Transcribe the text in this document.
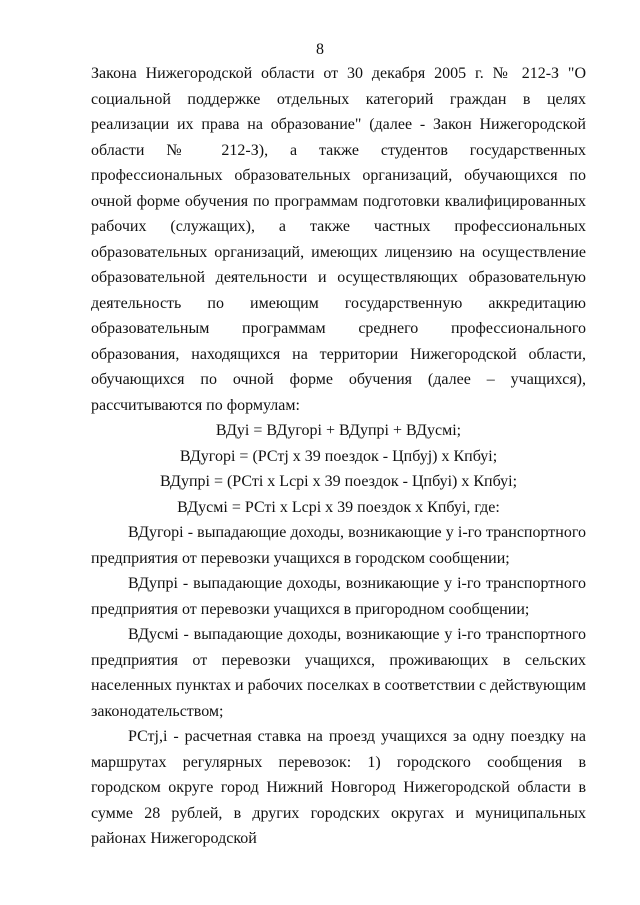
8

Закона Нижегородской области от 30 декабря 2005 г. № 212-З "О социальной поддержке отдельных категорий граждан в целях реализации их права на образование" (далее - Закон Нижегородской области № 212-З), а также студентов государственных профессиональных образовательных организаций, обучающихся по очной форме обучения по программам подготовки квалифицированных рабочих (служащих), а также частных профессиональных образовательных организаций, имеющих лицензию на осуществление образовательной деятельности и осуществляющих образовательную деятельность по имеющим государственную аккредитацию образовательным программам среднего профессионального образования, находящихся на территории Нижегородской области, обучающихся по очной форме обучения (далее – учащихся), рассчитываются по формулам:

ВДуi = ВДугорi + ВДупрi + ВДусмi;

ВДугорi = (РСтj x 39 поездок - Цпбуj) x Кпбуi;

ВДупрi = (РСтi x Lсрi x 39 поездок - Цпбуi) x Кпбуi;

ВДусмi = РСтi x Lсрi x 39 поездок x Кпбуi, где:

ВДугорi - выпадающие доходы, возникающие у i-го транспортного предприятия от перевозки учащихся в городском сообщении;

ВДупрi - выпадающие доходы, возникающие у i-го транспортного предприятия от перевозки учащихся в пригородном сообщении;

ВДусмi - выпадающие доходы, возникающие у i-го транспортного предприятия от перевозки учащихся, проживающих в сельских населенных пунктах и рабочих поселках в соответствии с действующим законодательством;

РСтj,i - расчетная ставка на проезд учащихся за одну поездку на маршрутах регулярных перевозок: 1) городского сообщения в городском округе город Нижний Новгород Нижегородской области в сумме 28 рублей, в других городских округах и муниципальных районах Нижегородской
